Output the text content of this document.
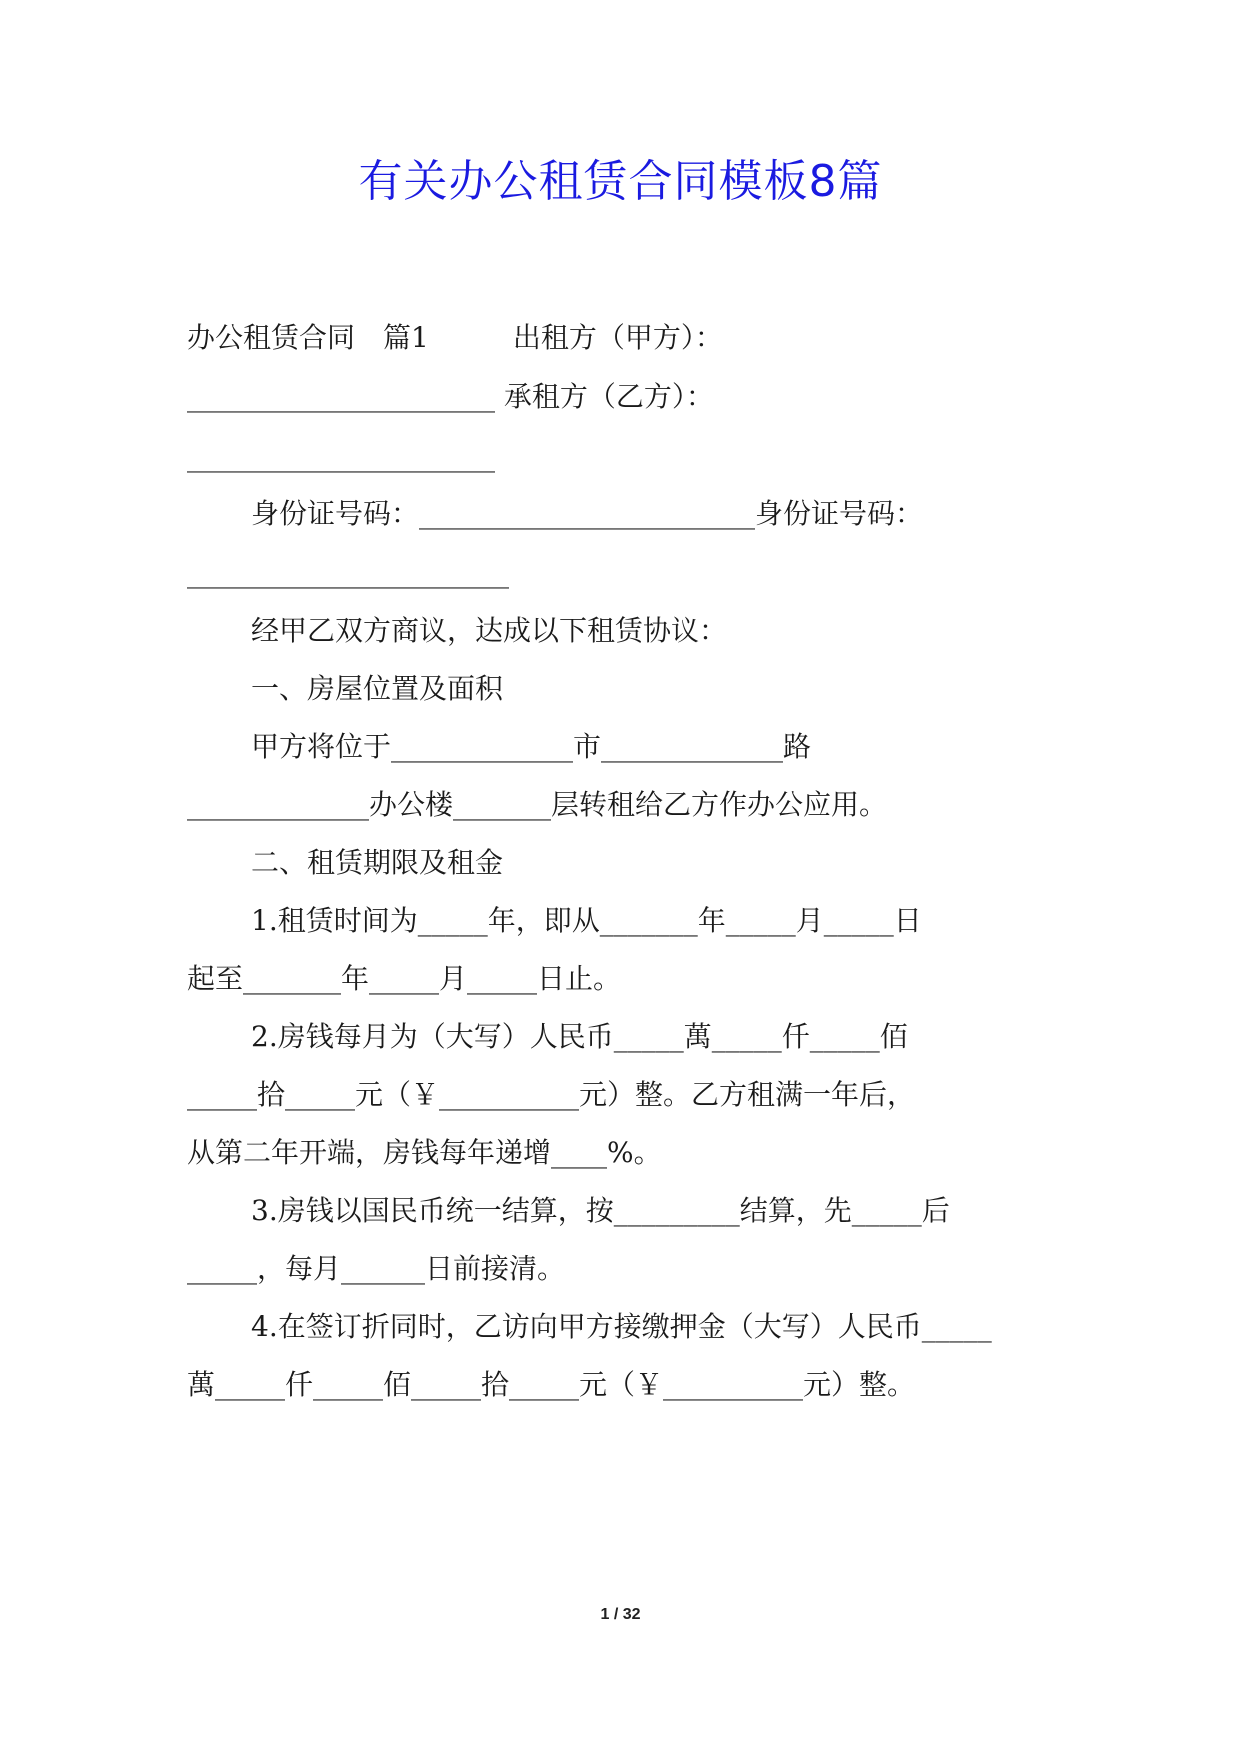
有关办公租赁合同模板8篇
办公租赁合同　篇1　　　出租方（甲方）：
______________________ 承租方（乙方）：
______________________
身份证号码：________________________身份证号码：
_______________________
经甲乙双方商议，达成以下租赁协议：
一、房屋位置及面积
甲方将位于_____________市_____________路
_____________办公楼_______层转租给乙方作办公应用。
二、租赁期限及租金
1.租赁时间为_____年，即从_______年_____月_____日
起至_______年_____月_____日止。
2.房钱每月为（大写）人民币_____萬_____仟_____佰
_____拾_____元（￥__________元）整。乙方租满一年后，
从第二年开端，房钱每年递增____%。
3.房钱以国民币统一结算，按_________结算，先_____后
_____，每月______日前接清。
4.在签订折同时，乙访向甲方接缴押金（大写）人民币_____
萬_____仟_____佰_____拾_____元（￥__________元）整。
1 / 32
